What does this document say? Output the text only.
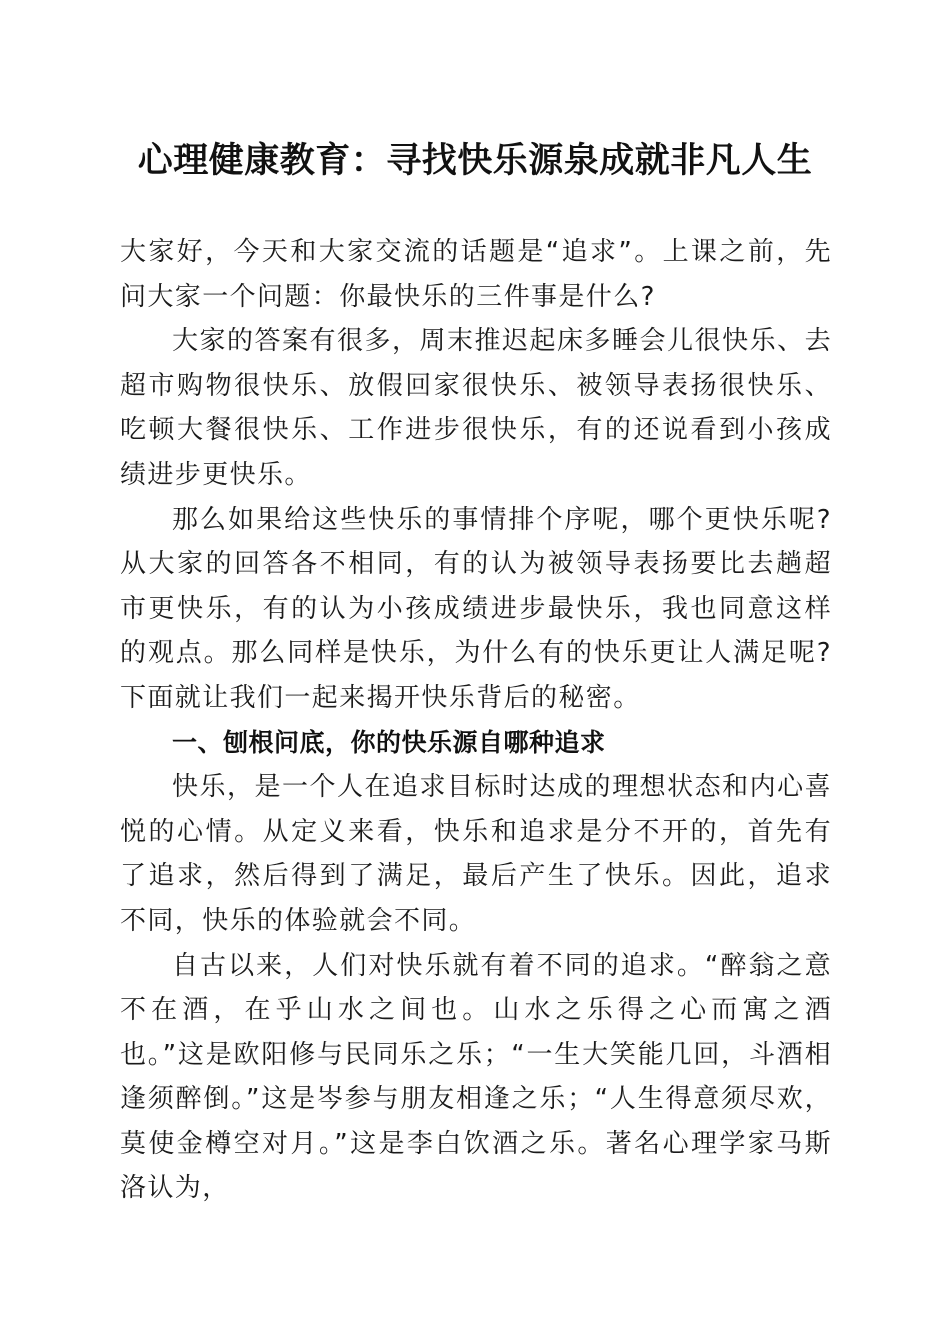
心理健康教育：寻找快乐源泉成就非凡人生

大家好，今天和大家交流的话题是“追求”。上课之前，先问大家一个问题：你最快乐的三件事是什么?

大家的答案有很多，周末推迟起床多睡会儿很快乐、去超市购物很快乐、放假回家很快乐、被领导表扬很快乐、吃顿大餐很快乐、工作进步很快乐，有的还说看到小孩成绩进步更快乐。

那么如果给这些快乐的事情排个序呢，哪个更快乐呢?从大家的回答各不相同，有的认为被领导表扬要比去趟超市更快乐，有的认为小孩成绩进步最快乐，我也同意这样的观点。那么同样是快乐，为什么有的快乐更让人满足呢?下面就让我们一起来揭开快乐背后的秘密。

一、刨根问底，你的快乐源自哪种追求

快乐，是一个人在追求目标时达成的理想状态和内心喜悦的心情。从定义来看，快乐和追求是分不开的，首先有了追求，然后得到了满足，最后产生了快乐。因此，追求不同，快乐的体验就会不同。

自古以来，人们对快乐就有着不同的追求。“醉翁之意不在酒，在乎山水之间也。山水之乐得之心而寓之酒也。”这是欧阳修与民同乐之乐；“一生大笑能几回，斗酒相逢须醉倒。”这是岑参与朋友相逢之乐；“人生得意须尽欢，莫使金樽空对月。”这是李白饮酒之乐。著名心理学家马斯洛认为，
